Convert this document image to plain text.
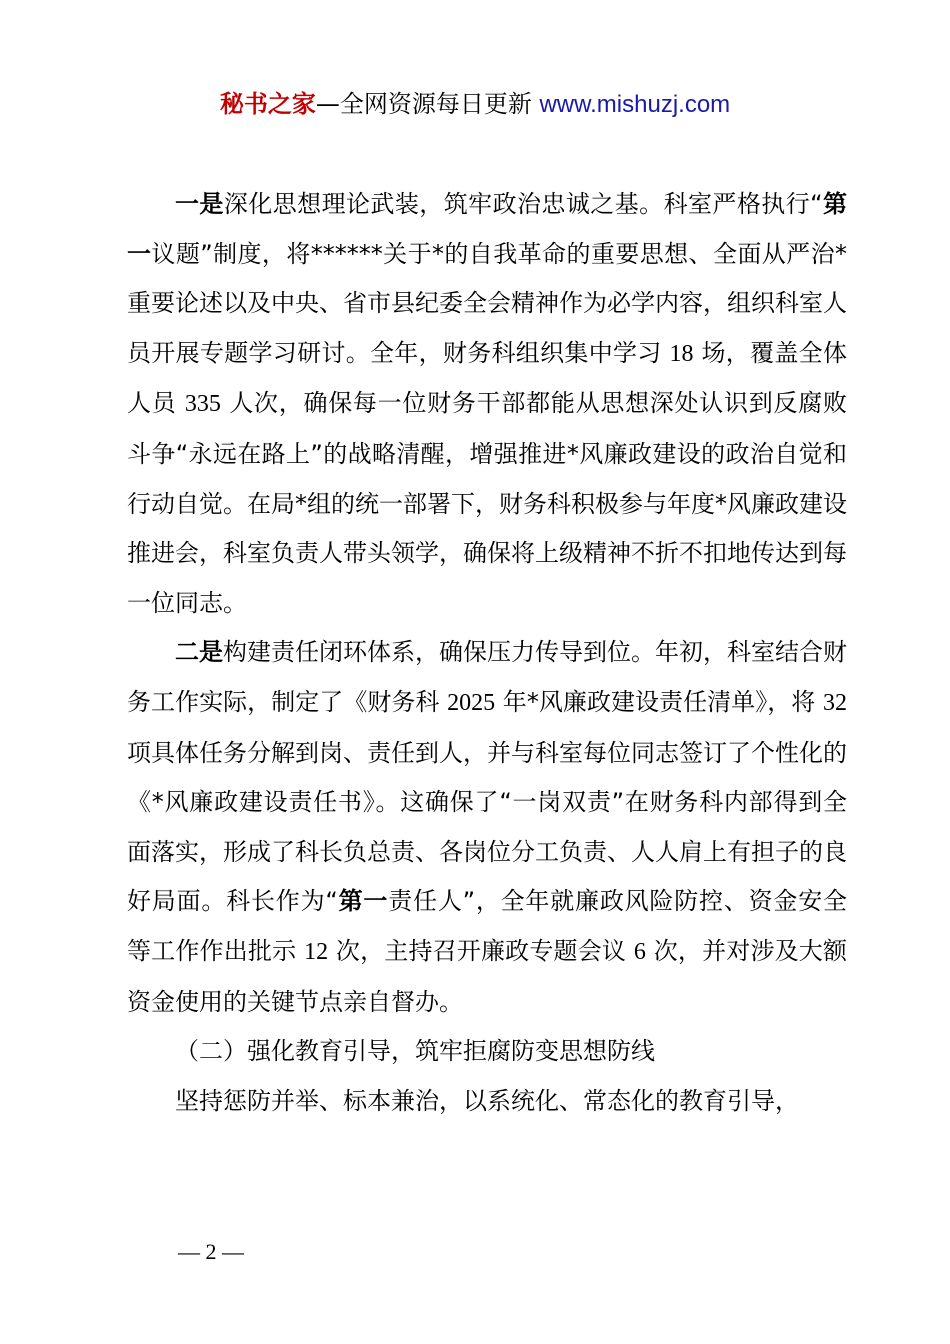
秘书之家—全网资源每日更新 www.mishuzj.com

一是深化思想理论武装，筑牢政治忠诚之基。科室严格执行“第一议题”制度，将******关于*的自我革命的重要思想、全面从严治*重要论述以及中央、省市县纪委全会精神作为必学内容，组织科室人员开展专题学习研讨。全年，财务科组织集中学习 18 场，覆盖全体人员 335 人次，确保每一位财务干部都能从思想深处认识到反腐败斗争“永远在路上”的战略清醒，增强推进*风廉政建设的政治自觉和行动自觉。在局*组的统一部署下，财务科积极参与年度*风廉政建设推进会，科室负责人带头领学，确保将上级精神不折不扣地传达到每一位同志。

二是构建责任闭环体系，确保压力传导到位。年初，科室结合财务工作实际，制定了《财务科 2025 年*风廉政建设责任清单》，将 32 项具体任务分解到岗、责任到人，并与科室每位同志签订了个性化的《*风廉政建设责任书》。这确保了“一岗双责”在财务科内部得到全面落实，形成了科长负总责、各岗位分工负责、人人肩上有担子的良好局面。科长作为“第一责任人”，全年就廉政风险防控、资金安全等工作作出批示 12 次，主持召开廉政专题会议 6 次，并对涉及大额资金使用的关键节点亲自督办。

（二）强化教育引导，筑牢拒腐防变思想防线

坚持惩防并举、标本兼治，以系统化、常态化的教育引导，

— 2 —
